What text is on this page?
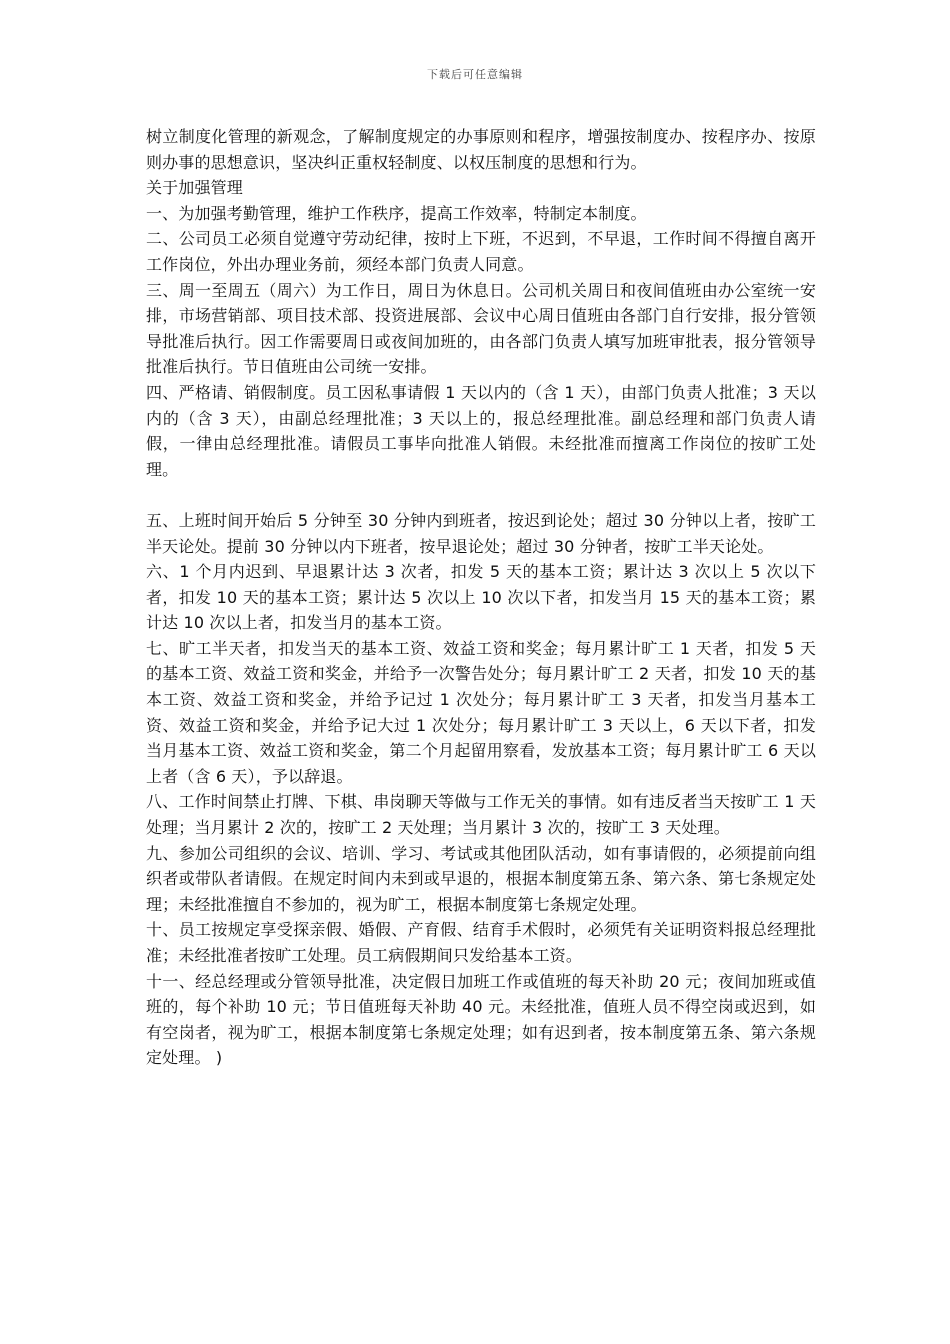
下载后可任意编辑

树立制度化管理的新观念，了解制度规定的办事原则和程序，增强按制度办、按程序办、按原则办事的思想意识，坚决纠正重权轻制度、以权压制度的思想和行为。

关于加强管理

一、为加强考勤管理，维护工作秩序，提高工作效率，特制定本制度。

二、公司员工必须自觉遵守劳动纪律，按时上下班，不迟到，不早退，工作时间不得擅自离开工作岗位，外出办理业务前，须经本部门负责人同意。

三、周一至周五（周六）为工作日，周日为休息日。公司机关周日和夜间值班由办公室统一安排，市场营销部、项目技术部、投资进展部、会议中心周日值班由各部门自行安排，报分管领导批准后执行。因工作需要周日或夜间加班的，由各部门负责人填写加班审批表，报分管领导批准后执行。节日值班由公司统一安排。

四、严格请、销假制度。员工因私事请假 1 天以内的（含 1 天），由部门负责人批准；3 天以内的（含 3 天），由副总经理批准；3 天以上的，报总经理批准。副总经理和部门负责人请假，一律由总经理批准。请假员工事毕向批准人销假。未经批准而擅离工作岗位的按旷工处理。

五、上班时间开始后 5 分钟至 30 分钟内到班者，按迟到论处；超过 30 分钟以上者，按旷工半天论处。提前 30 分钟以内下班者，按早退论处；超过 30 分钟者，按旷工半天论处。

六、1 个月内迟到、早退累计达 3 次者，扣发 5 天的基本工资；累计达 3 次以上 5 次以下者，扣发 10 天的基本工资；累计达 5 次以上 10 次以下者，扣发当月 15 天的基本工资；累计达 10 次以上者，扣发当月的基本工资。

七、旷工半天者，扣发当天的基本工资、效益工资和奖金；每月累计旷工 1 天者，扣发 5 天的基本工资、效益工资和奖金，并给予一次警告处分；每月累计旷工 2 天者，扣发 10 天的基本工资、效益工资和奖金，并给予记过 1 次处分；每月累计旷工 3 天者，扣发当月基本工资、效益工资和奖金，并给予记大过 1 次处分；每月累计旷工 3 天以上，6 天以下者，扣发当月基本工资、效益工资和奖金，第二个月起留用察看，发放基本工资；每月累计旷工 6 天以上者（含 6 天），予以辞退。

八、工作时间禁止打牌、下棋、串岗聊天等做与工作无关的事情。如有违反者当天按旷工 1 天处理；当月累计 2 次的，按旷工 2 天处理；当月累计 3 次的，按旷工 3 天处理。

九、参加公司组织的会议、培训、学习、考试或其他团队活动，如有事请假的，必须提前向组织者或带队者请假。在规定时间内未到或早退的，根据本制度第五条、第六条、第七条规定处理；未经批准擅自不参加的，视为旷工，根据本制度第七条规定处理。

十、员工按规定享受探亲假、婚假、产育假、结育手术假时，必须凭有关证明资料报总经理批准；未经批准者按旷工处理。员工病假期间只发给基本工资。

十一、经总经理或分管领导批准，决定假日加班工作或值班的每天补助 20 元；夜间加班或值班的，每个补助 10 元；节日值班每天补助 40 元。未经批准，值班人员不得空岗或迟到，如有空岗者，视为旷工，根据本制度第七条规定处理；如有迟到者，按本制度第五条、第六条规定处理。 )
